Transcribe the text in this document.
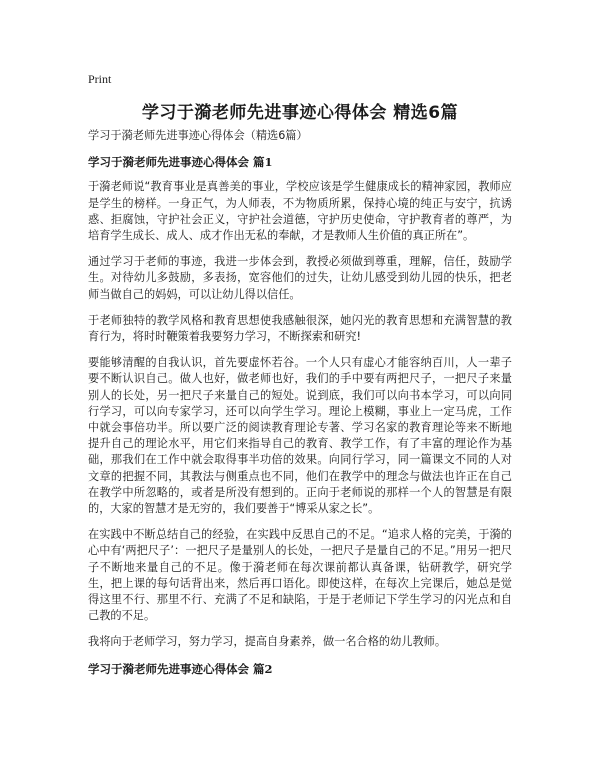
Print
学习于漪老师先进事迹心得体会 精选6篇
学习于漪老师先进事迹心得体会（精选6篇）
学习于漪老师先进事迹心得体会 篇1
于漪老师说“教育事业是真善美的事业，学校应该是学生健康成长的精神家园，教师应是学生的榜样。一身正气，为人师表，不为物质所累，保持心境的纯正与安宁，抗诱惑、拒腐蚀，守护社会正义，守护社会道德，守护历史使命，守护教育者的尊严，为培育学生成长、成人、成才作出无私的奉献，才是教师人生价值的真正所在”。
通过学习于老师的事迹，我进一步体会到，教授必须做到尊重，理解，信任，鼓励学生。对待幼儿多鼓励，多表扬，宽容他们的过失，让幼儿感受到幼儿园的快乐，把老师当做自己的妈妈，可以让幼儿得以信任。
于老师独特的教学风格和教育思想使我感触很深，她闪光的教育思想和充满智慧的教育行为，将时时鞭策着我要努力学习，不断探索和研究!
要能够清醒的自我认识，首先要虚怀若谷。一个人只有虚心才能容纳百川，人一辈子要不断认识自己。做人也好，做老师也好，我们的手中要有两把尺子，一把尺子来量别人的长处，另一把尺子来量自己的短处。说到底，我们可以向书本学习，可以向同行学习，可以向专家学习，还可以向学生学习。理论上模糊，事业上一定马虎，工作中就会事倍功半。所以要广泛的阅读教育理论专著、学习名家的教育理论等来不断地提升自己的理论水平，用它们来指导自己的教育、教学工作，有了丰富的理论作为基础，那我们在工作中就会取得事半功倍的效果。向同行学习，同一篇课文不同的人对文章的把握不同，其教法与侧重点也不同，他们在教学中的理念与做法也许正在自己在教学中所忽略的，或者是所没有想到的。正向于老师说的那样一个人的智慧是有限的，大家的智慧才是无穷的，我们要善于“博采从家之长”。
在实践中不断总结自己的经验，在实践中反思自己的不足。“追求人格的完美，于漪的心中有‘两把尺子’：一把尺子是量别人的长处，一把尺子是量自己的不足。”用另一把尺子不断地来量自己的不足。像于漪老师在每次课前都认真备课，钻研教学，研究学生，把上课的每句话背出来，然后再口语化。即使这样，在每次上完课后，她总是觉得这里不行、那里不行、充满了不足和缺陷，于是于老师记下学生学习的闪光点和自己教的不足。
我将向于老师学习，努力学习，提高自身素养，做一名合格的幼儿教师。
学习于漪老师先进事迹心得体会 篇2
